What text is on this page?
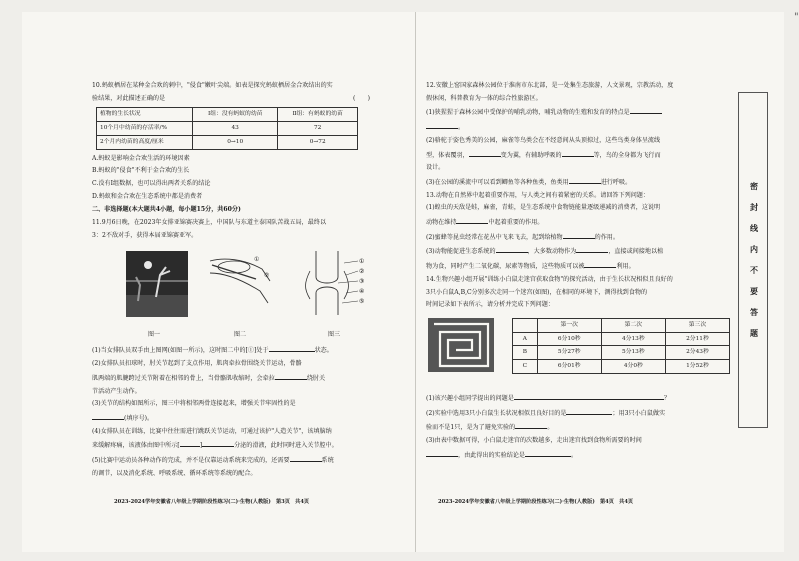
"

10.蚂蚁栖居在某种金合欢的刺中，"侵食"嫩叶尖端。如表是探究蚂蚁栖居金合欢结出的实

验结果，对此描述正确的是	(　　)

植物的生长状况	Ⅰ组：没有蚂蚁的幼苗	Ⅱ组：有蚂蚁的幼苗
10个月中幼苗的存活率/%	43	72
2个月内幼苗的高度/厘米	0→10	0→72

A.蚂蚁是影响金合欢生活的环境因素

B.蚂蚁的"侵食"不利于金合欢的生长

C.没有Ⅰ组数据，也可以得出两者关系的结论

D.蚂蚁和金合欢在生态系统中都是消费者

二、非选择题(本大题共4小题，每小题15分，共60分)

11.9月6日晚，在2023年女排亚锦赛决赛上，中国队与东道主泰国队苦战五局，最终以

3：2不敌对手，获得本届亚锦赛亚军。

①
②
①
②
③
④
⑤
图一	图二	图三

(1)当女排队员双手由上图网(如图一所示)，这时图二中的[①]处于	状态。

(2)女排队员扣球时，肘关节起到了支点作用，肌肉牵拉骨围绕关节运动，骨骼

肌两端的肌腱跨过关节附着在相邻的骨上，当骨骼肌收缩时，会牵拉	绕肘关

节活动产生动作。

(3)关节的结构如图所示，图三中将相邻两骨连接起来，增强关节牢固性的是

(填序号)。

(4)女排队员在训练，比赛中往往需进行跳跃关节运动，可通过该护"人造关节"，该填脑纳

来缓解疼痛，该液体由图中所示[	]	分泌的滑液，此时同时进入关节腔中。

(5)比赛中运动员各种动作的完成，并不是仅靠运动系统来完成的，还需要	系统

的调节，以及消化系统、呼吸系统、循环系统等系统的配合。

2023-2024学年安徽省八年级上学期阶段性练习(二)·生物(人教版)　第3页　共4页

12.安徽上窑国家森林公园位于淮南市东北部，是一处集生态旅游，人文景观，宗教活动，度

假休闲，科普教育为一体的综合性旅游区。

(1)狭猩猩于森林公园中受保护的哺乳动物，哺乳动物的生殖和发育的特点是

。

(2)骆驼于姿色秀美的公园，麻雀等鸟类会在不经意间从头顶掠过，这些鸟类身体呈流线

型，体表覆羽，	变为翼，有辅助呼吸的	等，鸟的全身都为飞行而

设计。

(3)在公园的溪流中可以看到鲫鱼等各种鱼类，鱼类用	进行呼吸。

13.动物在自然界中起着重要作用，与人类之间有着紧密的关系。请回答下列问题：

(1)蝗虫的天敌是蛙，麻雀，青蛙，是生态系统中食物链能量逐级递减的消费者，这说明

动物在维持	中起着重要的作用。

(2)蜜蜂等昆虫经常在花丛中飞来飞去，起到给植物	的作用。

(3)动物能促进生态系统的	，大多数动物作为	，直接或间接地以植

物为食，同时产生二氧化碳，尿素等物质，这些物质可以被	利用。

14.生物兴趣小组开展"训练小白鼠走迷宫获取食物"的探究活动，由于生长状况相似且良好的

3只小白鼠A,B,C分别多次走同一个迷宫(如图)，在相同的环境下，测得找到食物的

时间记录如下表所示，请分析并完成下列问题：

	第一次	第二次	第三次
A	6分10秒	4分13秒	2分11秒
B	5分27秒	5分13秒	2分43秒
C	6分01秒	4分0秒	1分52秒

(1)该兴趣小组同学提出的问题是	？

(2)实验中选用3只小白鼠生长状况相似且良好目的是	；用3只小白鼠做实

验而不是1只，是为了避免实验的	。

(3)由表中数据可得，小白鼠走迷宫的次数越多，走出迷宫找到食物所需要的时间

，由此得出的实验结论是	。

2023-2024学年安徽省八年级上学期阶段性练习(二)·生物(人教版)　第4页　共4页
密
封
线
内
不
要
答
题
